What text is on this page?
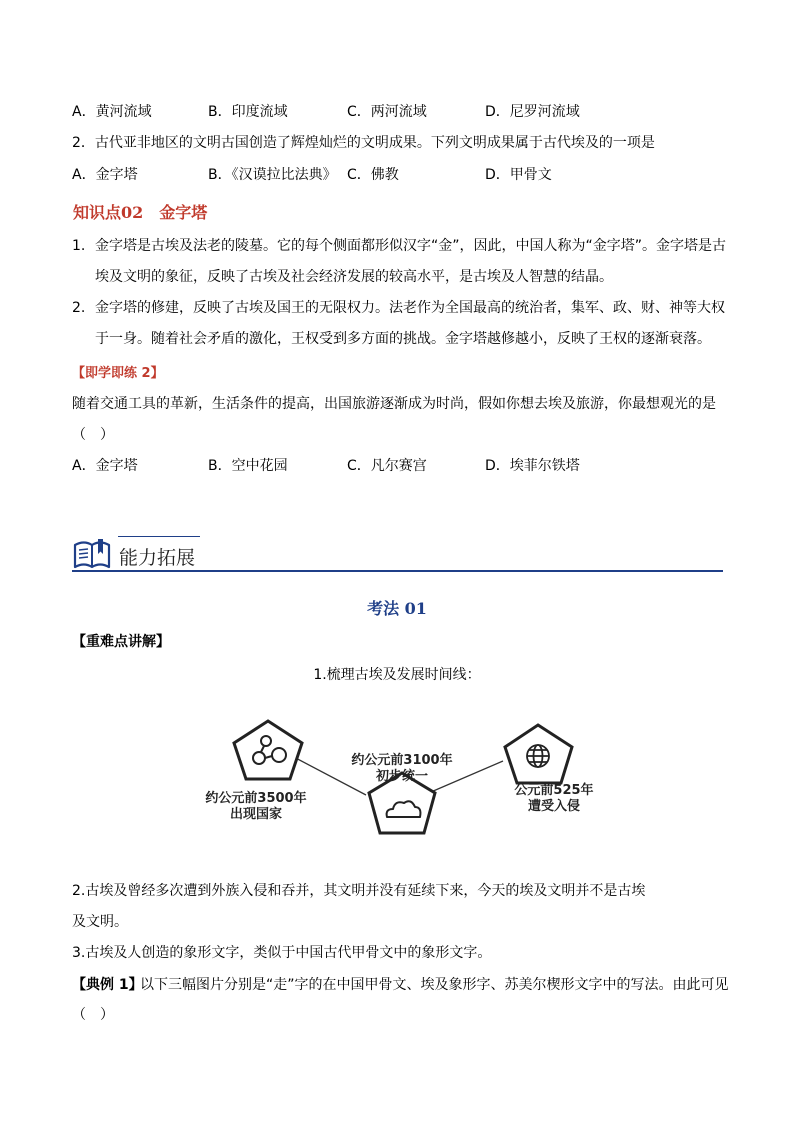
A．黄河流域	B．印度流域	C．两河流域	D．尼罗河流域
2．古代亚非地区的文明古国创造了辉煌灿烂的文明成果。下列文明成果属于古代埃及的一项是
A．金字塔	B．《汉谟拉比法典》 C．佛教	D．甲骨文
知识点02　金字塔
1. 金字塔是古埃及法老的陵墓。它的每个侧面都形似汉字“金”，因此，中国人称为“金字塔”。金字塔是古
埃及文明的象征，反映了古埃及社会经济发展的较高水平，是古埃及人智慧的结晶。
2. 金字塔的修建，反映了古埃及国王的无限权力。法老作为全国最高的统治者，集军、政、财、神等大权
于一身。随着社会矛盾的激化，王权受到多方面的挑战。金字塔越修越小，反映了王权的逐渐衰落。
【即学即练 2】
随着交通工具的革新，生活条件的提高，出国旅游逐渐成为时尚，假如你想去埃及旅游，你最想观光的是
（　）
A．金字塔	B．空中花园	C．凡尔赛宫	D．埃菲尔铁塔
能力拓展
考法 01
【重难点讲解】
1.梳理古埃及发展时间线：
约公元前3500年
出现国家
约公元前3100年
初步统一
公元前525年
遭受入侵
2.古埃及曾经多次遭到外族入侵和吞并，其文明并没有延续下来，今天的埃及文明并不是古埃
及文明。
3.古埃及人创造的象形文字，类似于中国古代甲骨文中的象形文字。
【典例 1】
以下三幅图片分别是“走”字的在中国甲骨文、埃及象形字、苏美尔楔形文字中的写法。由此可见
（　）
